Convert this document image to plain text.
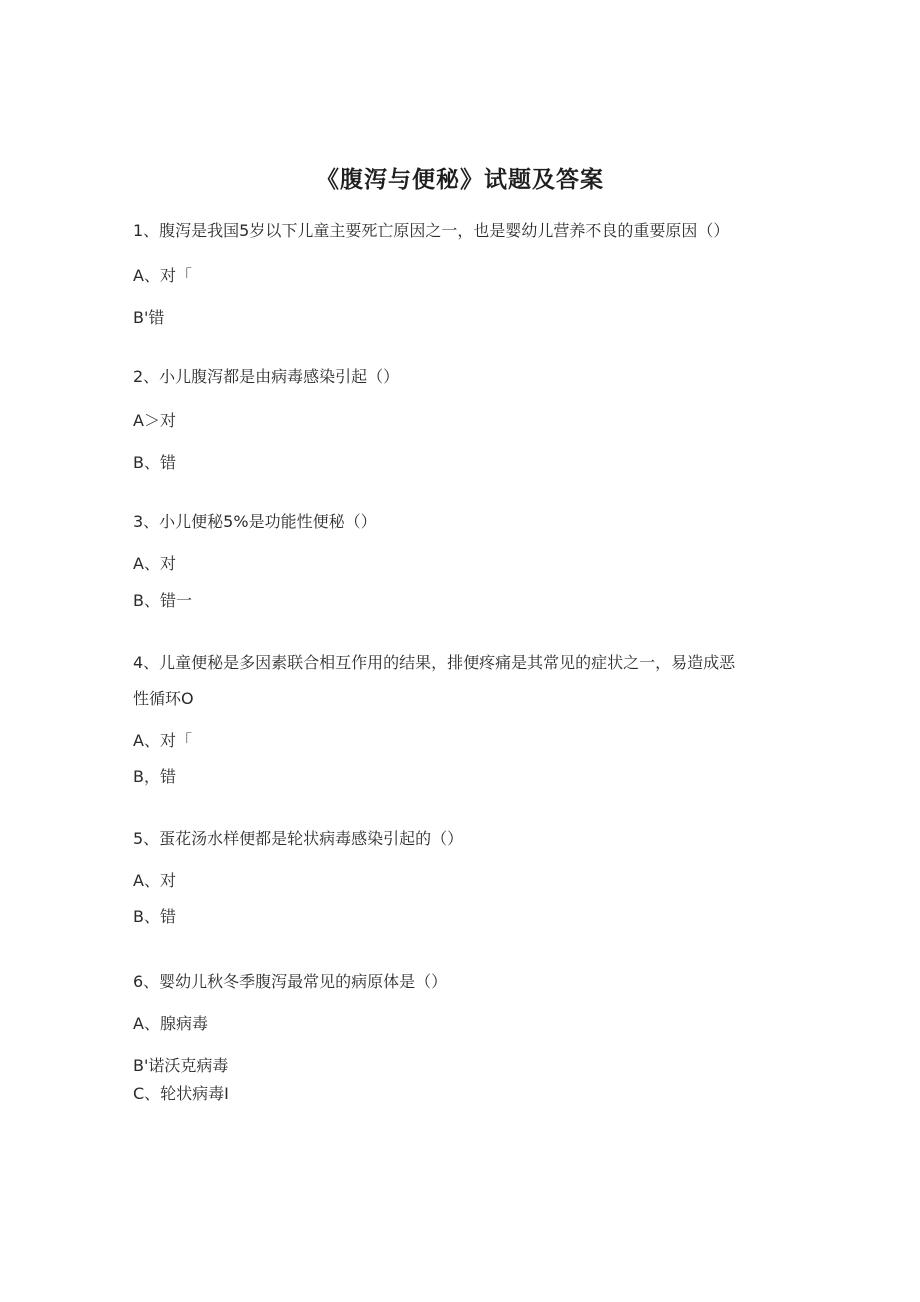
《腹泻与便秘》试题及答案

1、腹泻是我国5岁以下儿童主要死亡原因之一，也是婴幼儿营养不良的重要原因（）

A、对「

B'错

2、小儿腹泻都是由病毒感染引起（）

A＞对

B、错

3、小儿便秘5%是功能性便秘（）

A、对

B、错一

4、儿童便秘是多因素联合相互作用的结果，排便疼痛是其常见的症状之一，易造成恶

性循环O

A、对「

B，错

5、蛋花汤水样便都是轮状病毒感染引起的（）

A、对

B、错

6、婴幼儿秋冬季腹泻最常见的病原体是（）

A、腺病毒

B'诺沃克病毒

C、轮状病毒I
